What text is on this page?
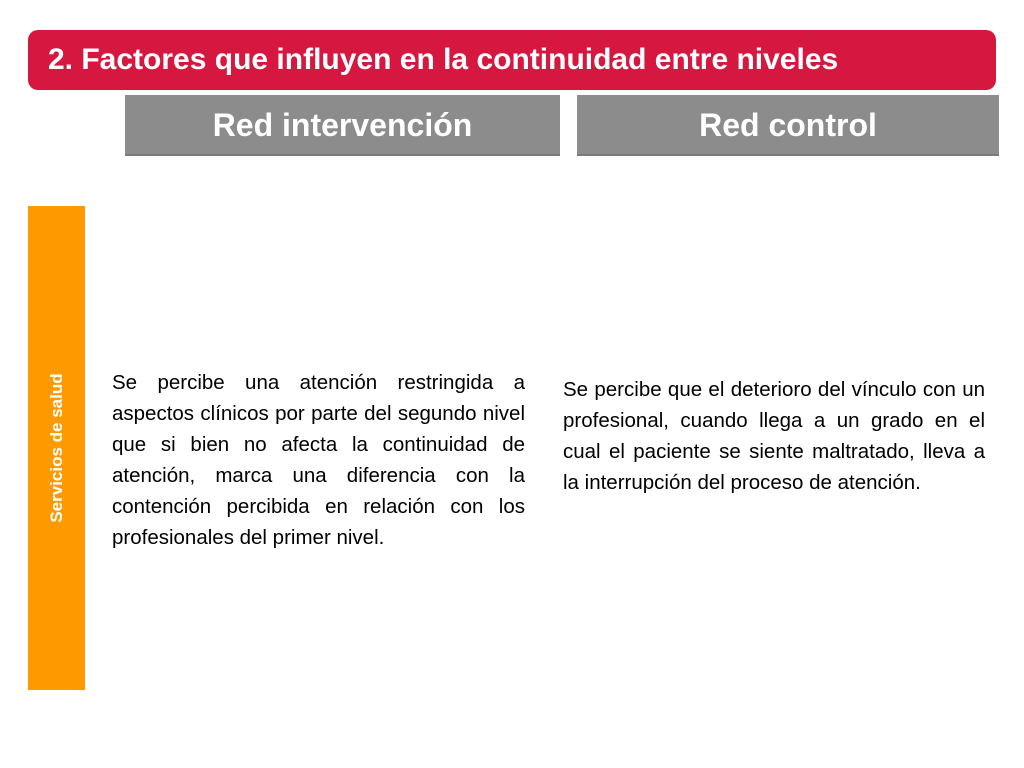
2. Factores que influyen en la continuidad entre niveles
Red intervención	Red control
Servicios de salud Se percibe una atención restringida a aspectos clínicos por parte del segundo nivel que si bien no afecta la continuidad de atención, marca una diferencia con la contención percibida en relación con los profesionales del primer nivel.
Se percibe que el deterioro del vínculo con un profesional, cuando llega a un grado en el cual el paciente se siente maltratado, lleva a la interrupción del proceso de atención.
